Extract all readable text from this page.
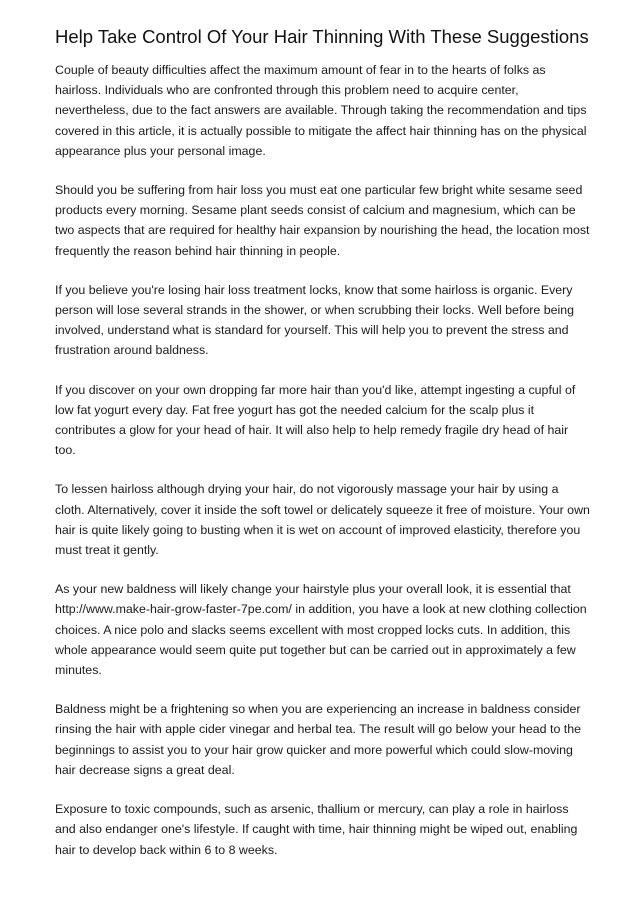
Help Take Control Of Your Hair Thinning With These Suggestions

Couple of beauty difficulties affect the maximum amount of fear in to the hearts of folks as hairloss. Individuals who are confronted through this problem need to acquire center, nevertheless, due to the fact answers are available. Through taking the recommendation and tips covered in this article, it is actually possible to mitigate the affect hair thinning has on the physical appearance plus your personal image.

Should you be suffering from hair loss you must eat one particular few bright white sesame seed products every morning. Sesame plant seeds consist of calcium and magnesium, which can be two aspects that are required for healthy hair expansion by nourishing the head, the location most frequently the reason behind hair thinning in people.

If you believe you're losing hair loss treatment locks, know that some hairloss is organic. Every person will lose several strands in the shower, or when scrubbing their locks. Well before being involved, understand what is standard for yourself. This will help you to prevent the stress and frustration around baldness.

If you discover on your own dropping far more hair than you'd like, attempt ingesting a cupful of low fat yogurt every day. Fat free yogurt has got the needed calcium for the scalp plus it contributes a glow for your head of hair. It will also help to help remedy fragile dry head of hair too.

To lessen hairloss although drying your hair, do not vigorously massage your hair by using a cloth. Alternatively, cover it inside the soft towel or delicately squeeze it free of moisture. Your own hair is quite likely going to busting when it is wet on account of improved elasticity, therefore you must treat it gently.

As your new baldness will likely change your hairstyle plus your overall look, it is essential that http://www.make-hair-grow-faster-7pe.com/ in addition, you have a look at new clothing collection choices. A nice polo and slacks seems excellent with most cropped locks cuts. In addition, this whole appearance would seem quite put together but can be carried out in approximately a few minutes.

Baldness might be a frightening so when you are experiencing an increase in baldness consider rinsing the hair with apple cider vinegar and herbal tea. The result will go below your head to the beginnings to assist you to your hair grow quicker and more powerful which could slow-moving hair decrease signs a great deal.

Exposure to toxic compounds, such as arsenic, thallium or mercury, can play a role in hairloss and also endanger one's lifestyle. If caught with time, hair thinning might be wiped out, enabling hair to develop back within 6 to 8 weeks.
